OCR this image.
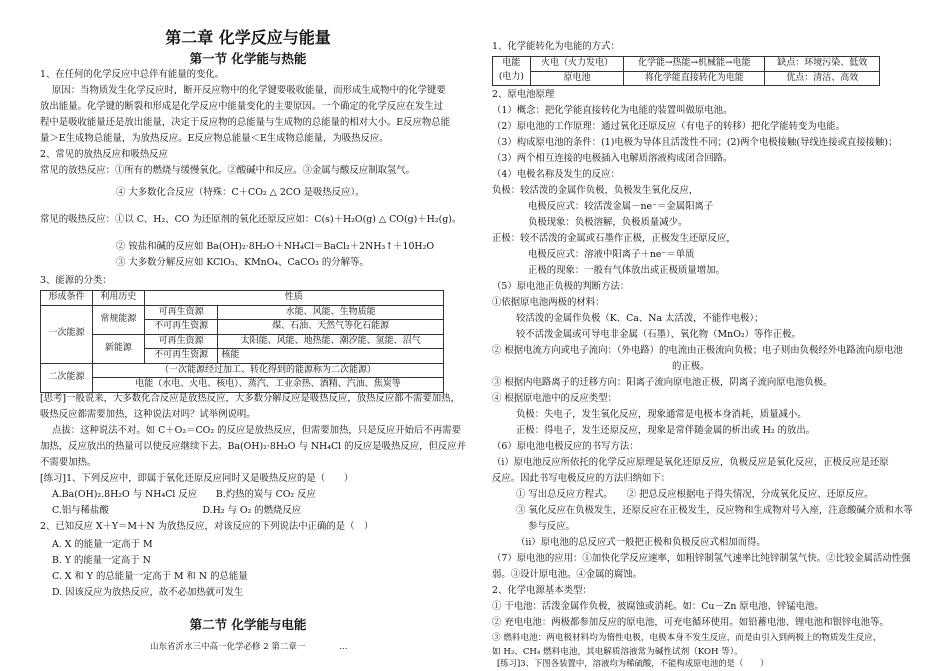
第二章 化学反应与能量
第一节 化学能与热能
1、在任何的化学反应中总伴有能量的变化。
原因：当物质发生化学反应时，断开反应物中的化学键要吸收能量，而形成生成物中的化学键要
放出能量。化学键的断裂和形成是化学反应中能量变化的主要原因。一个确定的化学反应在发生过
程中是吸收能量还是放出能量，决定于反应物的总能量与生成物的总能量的相对大小。E反应物总能
量＞E生成物总能量，为放热反应。E反应物总能量＜E生成物总能量，为吸热反应。
2、常见的放热反应和吸热反应
常见的放热反应：①所有的燃烧与缓慢氧化。②酸碱中和反应。③金属与酸反应制取氢气。
④ 大多数化合反应（特殊：C＋CO₂ △ 2CO 是吸热反应）。
常见的吸热反应：①以 C、H₂、CO 为还原剂的氧化还原反应如：C(s)＋H₂O(g) △ CO(g)＋H₂(g)。
② 铵盐和碱的反应如 Ba(OH)₂·8H₂O＋NH₄Cl＝BaCl₂＋2NH₃↑＋10H₂O
③ 大多数分解反应如 KClO₃、KMnO₄、CaCO₃ 的分解等。
3、能源的分类：
形成条件	利用历史	性质	
一次能源	常规能源	可再生资源	水能、风能、生物质能
		不可再生资源	煤、石油、天然气等化石能源
	新能源	可再生资源	太阳能、风能、地热能、潮汐能、氢能、沼气
		不可再生资源	核能
二次能源	（一次能源经过加工、转化得到的能源称为二次能源）		
	电能（水电、火电、核电）、蒸汽、工业余热、酒精、汽油、焦炭等		
[思考]一般说来，大多数化合反应是放热反应，大多数分解反应是吸热反应，放热反应都不需要加热，
吸热反应都需要加热，这种说法对吗？试举例说明。
点拔：这种说法不对。如 C＋O₂＝CO₂ 的反应是放热反应，但需要加热，只是反应开始后不再需要
加热，反应放出的热量可以使反应继续下去。Ba(OH)₂·8H₂O 与 NH₄Cl 的反应是吸热反应，但反应并
不需要加热。
[练习]1、下列反应中，即属于氧化还原反应同时又是吸热反应的是（　　）
A.Ba(OH)₂.8H₂O 与 NH₄Cl 反应　　B.灼热的炭与 CO₂ 反应
C.铝与稀盐酸　　　　　　　　　　D.H₂ 与 O₂ 的燃烧反应
2、已知反应 X＋Y＝M＋N 为放热反应，对该反应的下列说法中正确的是（　）
A. X 的能量一定高于 M
B. Y 的能量一定高于 N
C. X 和 Y 的总能量一定高于 M 和 N 的总能量
D. 因该反应为放热反应，故不必加热就可发生
第二节 化学能与电能
山东省沂水三中高一化学必修 2 第二章一　　　　...
1、化学能转化为电能的方式：
电能	火电（火力发电）	化学能→热能→机械能→电能	缺点：环境污染、低效
(电力)	原电池	将化学能直接转化为电能	优点：清洁、高效
2、原电池原理
（1）概念：把化学能直接转化为电能的装置叫做原电池。
（2）原电池的工作原理：通过氧化还原反应（有电子的转移）把化学能转变为电能。
（3）构成原电池的条件：(1)电极为导体且活泼性不同；(2)两个电极接触(导线连接或直接接触)；
（3）两个相互连接的电极插入电解质溶液构成闭合回路。
（4）电极名称及发生的反应：
负极：较活泼的金属作负极，负极发生氧化反应，
电极反应式：较活泼金属－ne⁻＝金属阳离子
负极现象：负极溶解，负极质量减少。
正极：较不活泼的金属或石墨作正极，正极发生还原反应，
电极反应式：溶液中阳离子＋ne⁻＝单质
正极的现象：一般有气体放出或正极质量增加。
（5）原电池正负极的判断方法：
①依据原电池两极的材料：
较活泼的金属作负极（K、Ca、Na 太活泼，不能作电极）；
较不活泼金属或可导电非金属（石墨）、氧化物（MnO₂）等作正极。
② 根据电流方向或电子流向：（外电路）的电流由正极流向负极；电子则由负极经外电路流向原电池
的正极。
③ 根据内电路离子的迁移方向：阳离子流向原电池正极，阴离子流向原电池负极。
④ 根据原电池中的反应类型：
负极：失电子，发生氧化反应，现象通常是电极本身消耗，质量减小。
正极：得电子，发生还原反应，现象是常伴随金属的析出或 H₂ 的放出。
（6）原电池电极反应的书写方法：
（i）原电池反应所依托的化学反应原理是氧化还原反应，负极反应是氧化反应，正极反应是还原
反应。因此书写电极反应的方法归纳如下：
① 写出总反应方程式。　　② 把总反应根据电子得失情况，分成氧化反应、还原反应。
③ 氧化反应在负极发生，还原反应在正极发生，反应物和生成物对号入座，注意酸碱介质和水等
参与反应。
（ii）原电池的总反应式一般把正极和负极反应式相加而得。
（7）原电池的应用：①加快化学反应速率，如粗锌制氢气速率比纯锌制氢气快。②比较金属活动性强
弱。③设计原电池。④金属的腐蚀。
2、化学电源基本类型：
① 干电池：活泼金属作负极，被腐蚀或消耗。如：Cu－Zn 原电池、锌锰电池。
② 充电电池：两极都参加反应的原电池，可充电循环使用。如铅蓄电池、锂电池和银锌电池等。
③ 燃料电池：两电极材料均为惰性电极，电极本身不发生反应，而是由引入到两极上的物质发生反应，
如 H₂、CH₄ 燃料电池，其电解质溶液常为碱性试剂（KOH 等）。
[练习]3、下图各装置中，溶液均为稀硫酸，不能构成原电池的是（　　）
